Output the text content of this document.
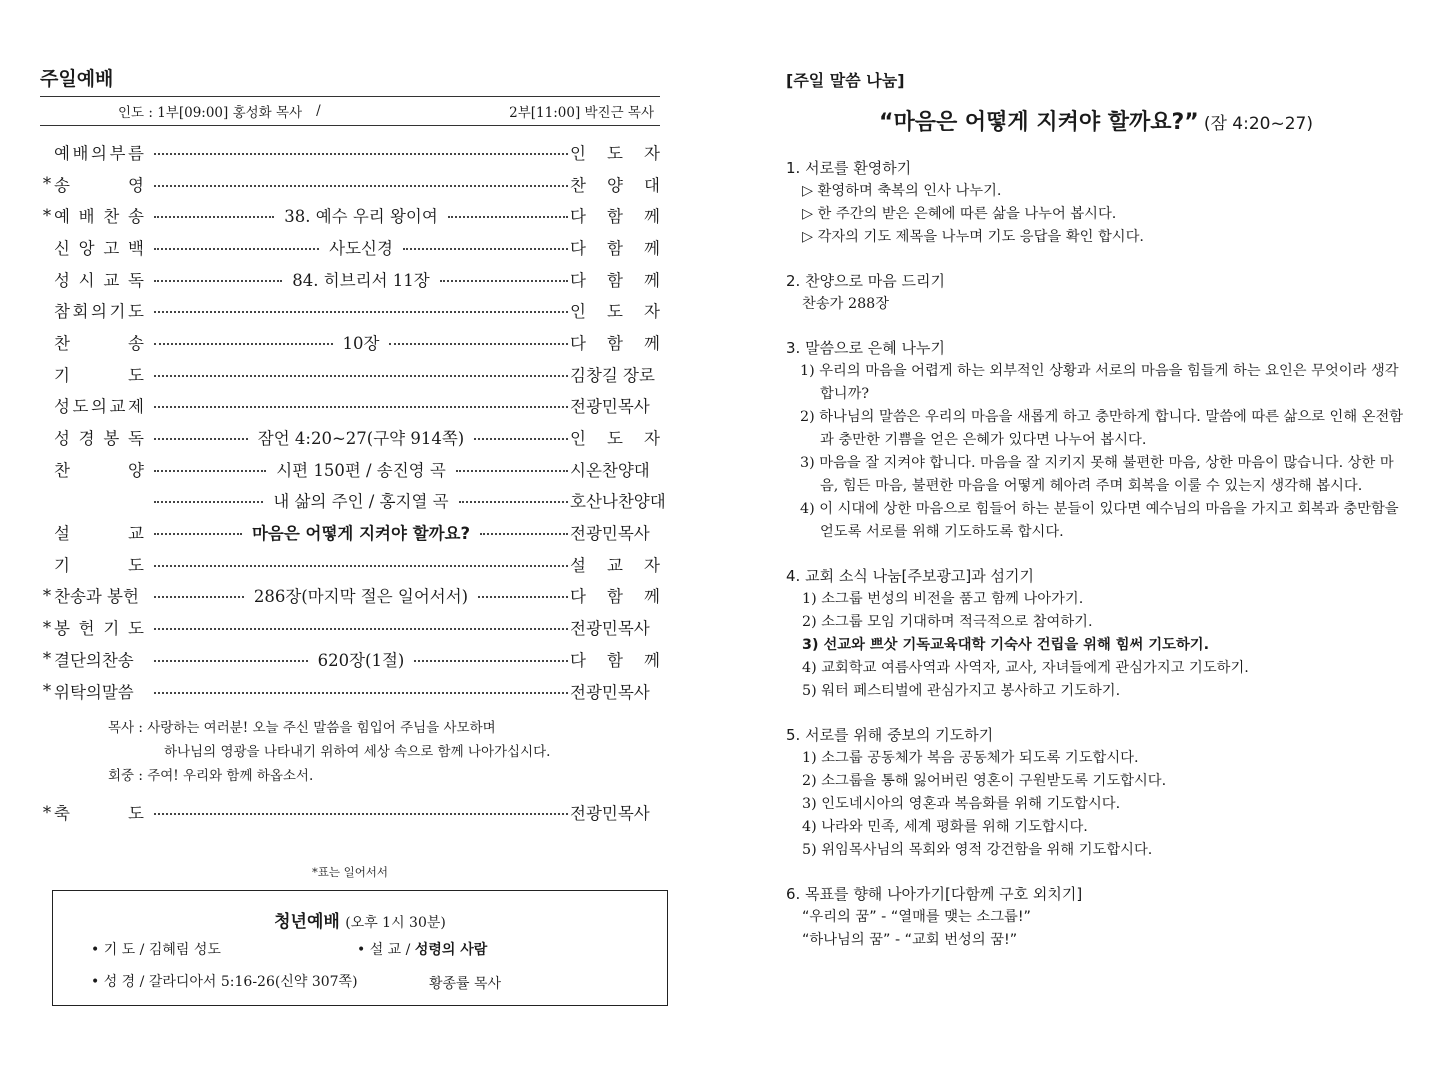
주일예배
인도 : 1부[09:00] 홍성화 목사 /	2부[11:00] 박진근 목사
예 배 의 부 름	인 도 자
* 송	영	찬 양 대
* 예 배 찬 송	38. 예수 우리 왕이여	다 함 께
신 앙 고 백	사도신경	다 함 께
성 시 교 독	84. 히브리서 11장	다 함 께
참 회 의 기 도	인 도 자
찬	송	10장	다 함 께
기	도	김창길 장로
성 도 의 교 제	전광민목사
성 경 봉 독	잠언 4:20~27(구약 914쪽)	인 도 자
찬	양	시편 150편 / 송진영 곡	시온찬양대
내 삶의 주인 / 홍지열 곡	호산나찬양대
설	교	마음은 어떻게 지켜야 할까요?	전광민목사
기	도	설 교 자
* 찬송과 봉헌	286장(마지막 절은 일어서서)	다 함 께
* 봉 헌 기 도	전광민목사
* 결단의찬송	620장(1절)	다 함 께
* 위탁의말씀	전광민목사
목사 : 사랑하는 여러분! 오늘 주신 말씀을 힘입어 주님을 사모하며
하나님의 영광을 나타내기 위하여 세상 속으로 함께 나아가십시다.
회중 : 주여! 우리와 함께 하옵소서.
* 축	도	전광민목사
*표는 일어서서
청년예배 (오후 1시 30분)
• 기 도 / 김혜림 성도	• 설 교 / 성령의 사람
• 성 경 / 갈라디아서 5:16-26(신약 307쪽)	황종률 목사
[주일 말씀 나눔]
“마음은 어떻게 지켜야 할까요?” (잠 4:20~27)
1. 서로를 환영하기
▷ 환영하며 축복의 인사 나누기.
▷ 한 주간의 받은 은혜에 따른 삶을 나누어 봅시다.
▷ 각자의 기도 제목을 나누며 기도 응답을 확인 합시다.
2. 찬양으로 마음 드리기
찬송가 288장
3. 말씀으로 은혜 나누기
1) 우리의 마음을 어렵게 하는 외부적인 상황과 서로의 마음을 힘들게 하는 요인은 무엇이라 생각합니까?
2) 하나님의 말씀은 우리의 마음을 새롭게 하고 충만하게 합니다. 말씀에 따른 삶으로 인해 온전함과 충만한 기쁨을 얻은 은혜가 있다면 나누어 봅시다.
3) 마음을 잘 지켜야 합니다. 마음을 잘 지키지 못해 불편한 마음, 상한 마음이 많습니다. 상한 마음, 힘든 마음, 불편한 마음을 어떻게 헤아려 주며 회복을 이룰 수 있는지 생각해 봅시다.
4) 이 시대에 상한 마음으로 힘들어 하는 분들이 있다면 예수님의 마음을 가지고 회복과 충만함을 얻도록 서로를 위해 기도하도록 합시다.
4. 교회 소식 나눔[주보광고]과 섬기기
1) 소그룹 번성의 비전을 품고 함께 나아가기.
2) 소그룹 모임 기대하며 적극적으로 참여하기.
3) 선교와 쁘삿 기독교육대학 기숙사 건립을 위해 힘써 기도하기.
4) 교회학교 여름사역과 사역자, 교사, 자녀들에게 관심가지고 기도하기.
5) 워터 페스티벌에 관심가지고 봉사하고 기도하기.
5. 서로를 위해 중보의 기도하기
1) 소그룹 공동체가 복음 공동체가 되도록 기도합시다.
2) 소그룹을 통해 잃어버린 영혼이 구원받도록 기도합시다.
3) 인도네시아의 영혼과 복음화를 위해 기도합시다.
4) 나라와 민족, 세계 평화를 위해 기도합시다.
5) 위임목사님의 목회와 영적 강건함을 위해 기도합시다.
6. 목표를 향해 나아가기[다함께 구호 외치기]
“우리의 꿈” - “열매를 맺는 소그룹!”
“하나님의 꿈” - “교회 번성의 꿈!”
